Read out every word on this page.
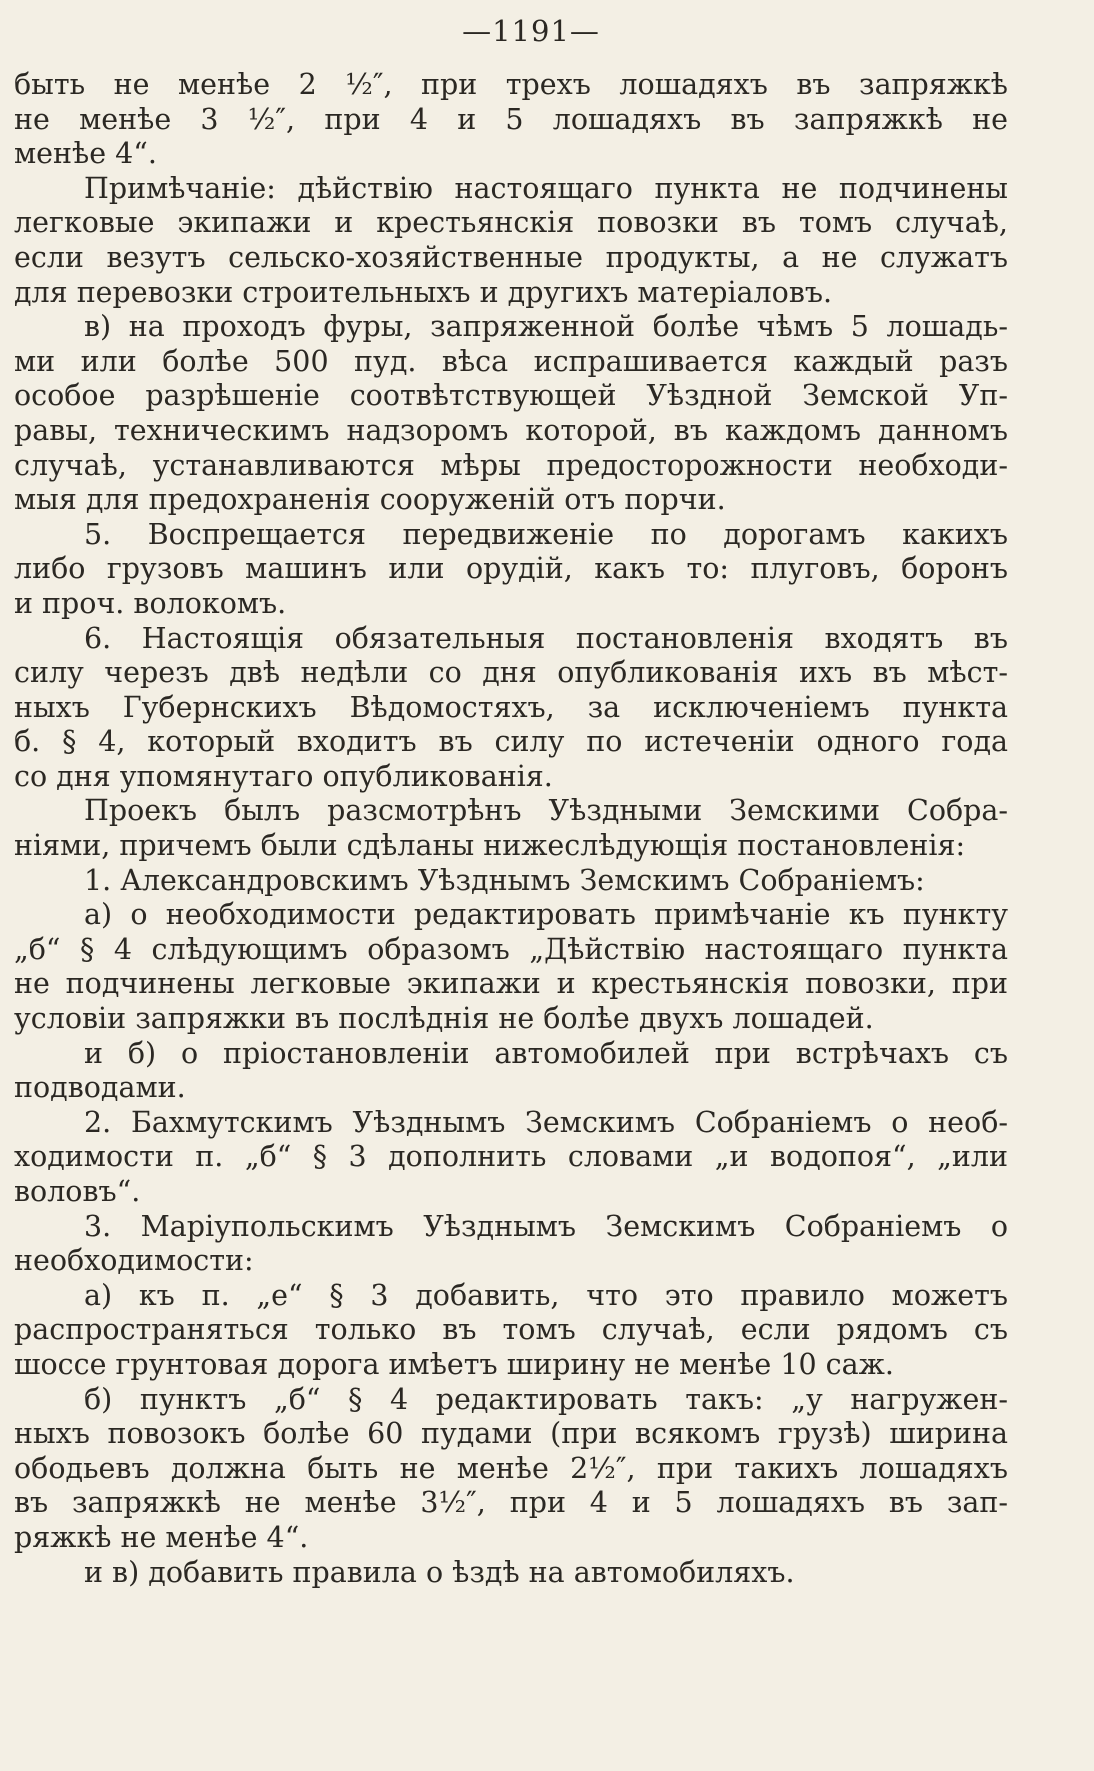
—1191—

быть не менѣе 2 ½″, при трехъ лошадяхъ въ запряжкѣ

не менѣе 3 ½″, при 4 и 5 лошадяхъ въ запряжкѣ не

менѣе 4“.

Примѣчаніе: дѣйствію настоящаго пункта не подчинены

легковые экипажи и крестьянскія повозки въ томъ случаѣ,

если везутъ сельско-хозяйственные продукты, а не служатъ

для перевозки строительныхъ и другихъ матеріаловъ.

в) на проходъ фуры, запряженной болѣе чѣмъ 5 лошадь-

ми или болѣе 500 пуд. вѣса испрашивается каждый разъ

особое разрѣшеніе соотвѣтствующей Уѣздной Земской Уп-

равы, техническимъ надзоромъ которой, въ каждомъ данномъ

случаѣ, устанавливаются мѣры предосторожности необходи-

мыя для предохраненія сооруженій отъ порчи.

5. Воспрещается передвиженіе по дорогамъ какихъ

либо грузовъ машинъ или орудій, какъ то: плуговъ, боронъ

и проч. волокомъ.

6. Настоящія обязательныя постановленія входятъ въ

силу черезъ двѣ недѣли со дня опубликованія ихъ въ мѣст-

ныхъ Губернскихъ Вѣдомостяхъ, за исключеніемъ пункта

б. § 4, который входитъ въ силу по истеченіи одного года

со дня упомянутаго опубликованія.

Проекъ былъ разсмотрѣнъ Уѣздными Земскими Собра-

ніями, причемъ были сдѣланы нижеслѣдующія постановленія:

1. Александровскимъ Уѣзднымъ Земскимъ Собраніемъ:

а) о необходимости редактировать примѣчаніе къ пункту

„б“ § 4 слѣдующимъ образомъ „Дѣйствію настоящаго пункта

не подчинены легковые экипажи и крестьянскія повозки, при

условіи запряжки въ послѣднія не болѣе двухъ лошадей.

и б) о пріостановленіи автомобилей при встрѣчахъ съ

подводами.

2. Бахмутскимъ Уѣзднымъ Земскимъ Собраніемъ о необ-

ходимости п. „б“ § 3 дополнить словами „и водопоя“, „или

воловъ“.

3. Маріупольскимъ Уѣзднымъ Земскимъ Собраніемъ о

необходимости:

а) къ п. „е“ § 3 добавить, что это правило можетъ

распространяться только въ томъ случаѣ, если рядомъ съ

шоссе грунтовая дорога имѣетъ ширину не менѣе 10 саж.

б) пунктъ „б“ § 4 редактировать такъ: „у нагружен-

ныхъ повозокъ болѣе 60 пудами (при всякомъ грузѣ) ширина

ободьевъ должна быть не менѣе 2½″, при такихъ лошадяхъ

въ запряжкѣ не менѣе 3½″, при 4 и 5 лошадяхъ въ зап-

ряжкѣ не менѣе 4“.

и в) добавить правила о ѣздѣ на автомобиляхъ.
